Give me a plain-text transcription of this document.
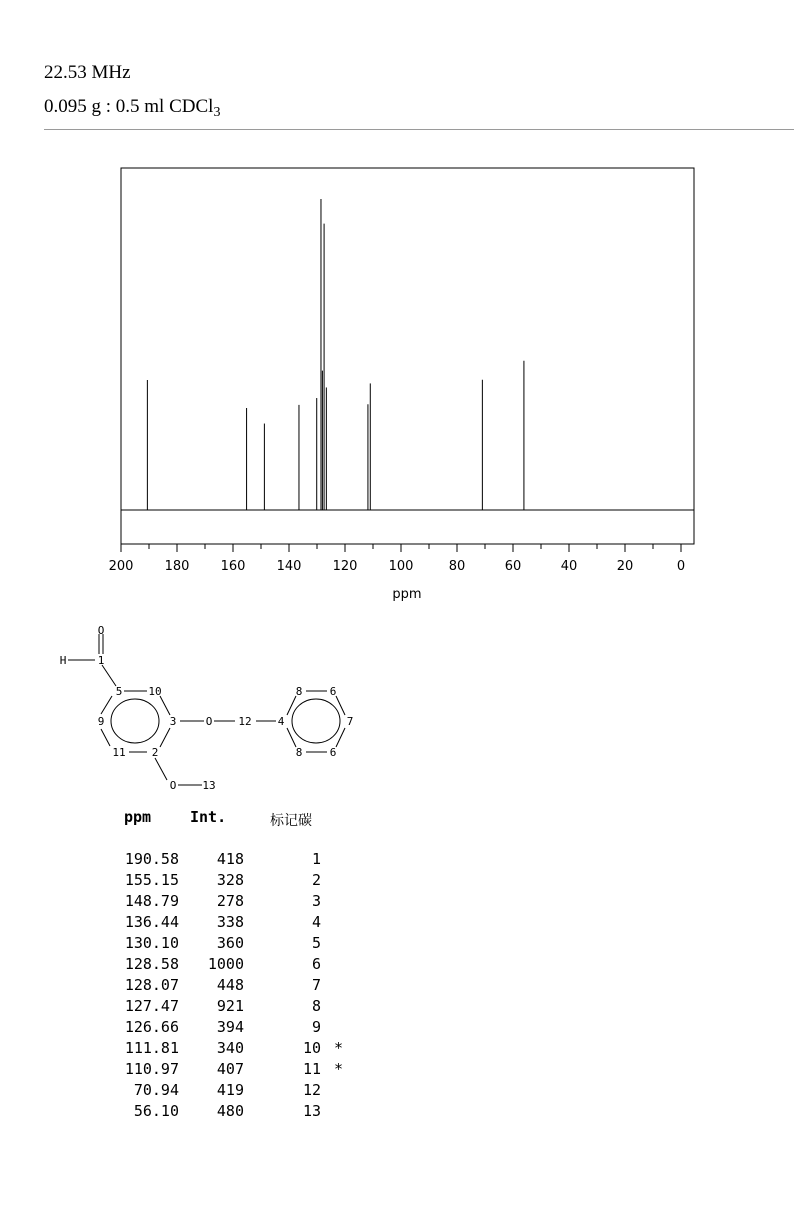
22.53 MHz
0.095 g : 0.5 ml CDCl$_3$
200 180 160 140 120 100	80	60	40	20	0
ppm
O
H	1
5 10
9	3	O 12 4
8 6
7
8 6
11 2
O 13
ppm	Int.	标记碳
190.58	418	1
155.15	328	2
148.79	278	3
136.44	338	4
130.10	360	5
128.58	1000	6
128.07	448	7
127.47	921	8
126.66	394	9
111.81	340	10 *
110.97	407	11 *
70.94	419	12
56.10	480	13
